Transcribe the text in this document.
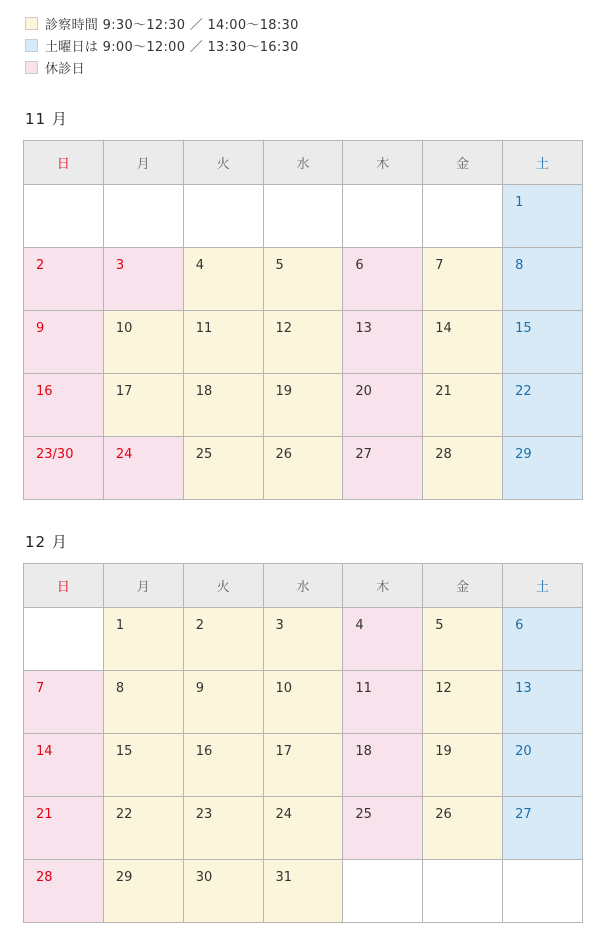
診察時間 9:30〜12:30 ／ 14:00〜18:30
土曜日は 9:00〜12:00 ／ 13:30〜16:30
休診日
11 月
日	月	火	水	木	金	土
						1
2	3	4	5	6	7	8
9	10	11	12	13	14	15
16	17	18	19	20	21	22
23/30	24	25	26	27	28	29
12 月
日	月	火	水	木	金	土
	1	2	3	4	5	6
7	8	9	10	11	12	13
14	15	16	17	18	19	20
21	22	23	24	25	26	27
28	29	30	31			
